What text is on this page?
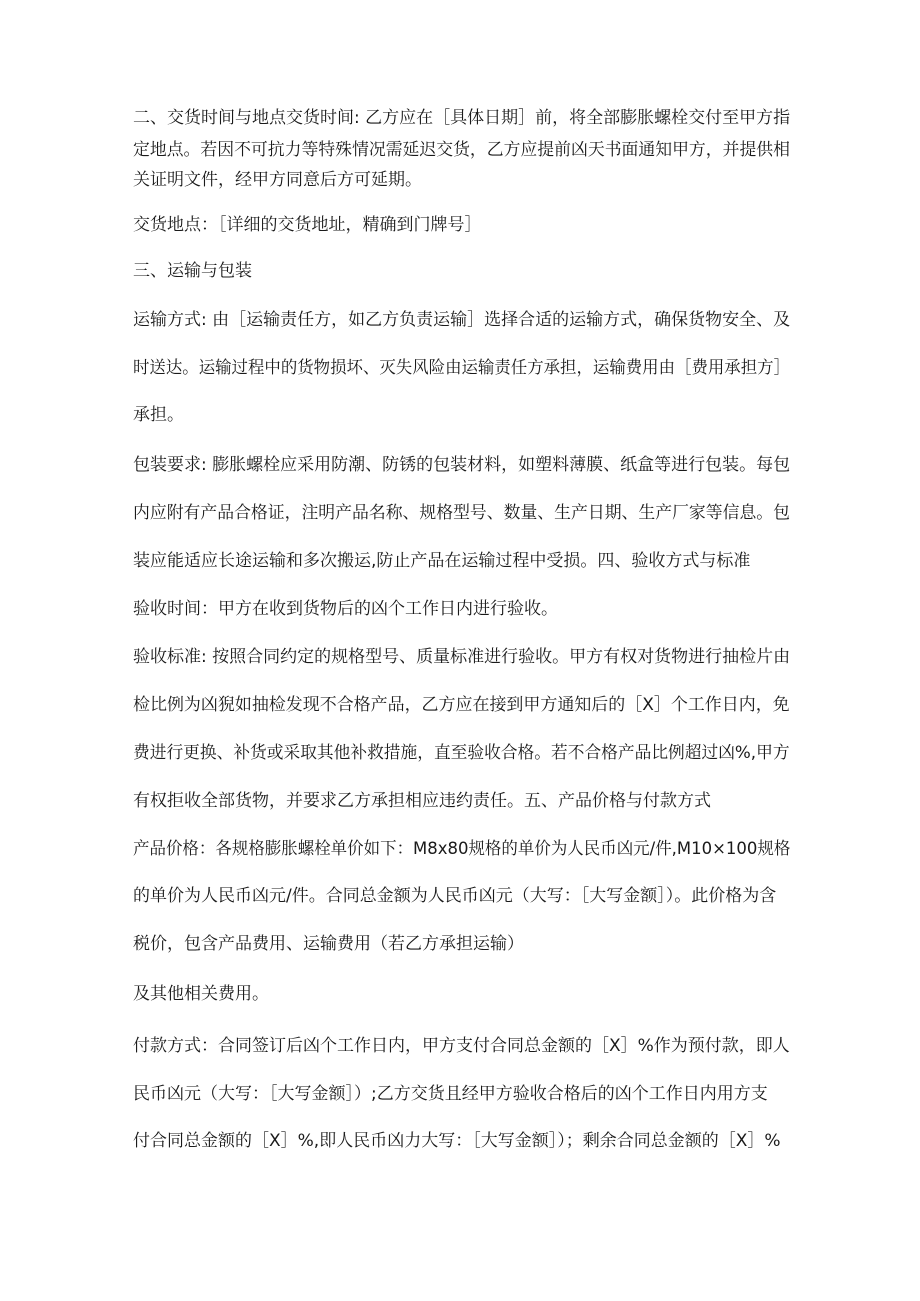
二、交货时间与地点交货时间: 乙方应在［具体日期］前，将全部膨胀螺栓交付至甲方指
定地点。若因不可抗力等特殊情况需延迟交货，乙方应提前凶天书面通知甲方，并提供相
关证明文件，经甲方同意后方可延期。
交货地点：［详细的交货地址，精确到门牌号］
三、运输与包装
运输方式: 由［运输责任方，如乙方负责运输］选择合适的运输方式，确保货物安全、及
时送达。运输过程中的货物损坏、灭失风险由运输责任方承担，运输费用由［费用承担方］
承担。
包装要求: 膨胀螺栓应采用防潮、防锈的包装材料，如塑料薄膜、纸盒等进行包装。每包
内应附有产品合格证，注明产品名称、规格型号、数量、生产日期、生产厂家等信息。包
装应能适应长途运输和多次搬运,防止产品在运输过程中受损。四、验收方式与标准
验收时间：甲方在收到货物后的凶个工作日内进行验收。
验收标准: 按照合同约定的规格型号、质量标准进行验收。甲方有权对货物进行抽检片由
检比例为凶猊如抽检发现不合格产品，乙方应在接到甲方通知后的［X］个工作日内，免
费进行更换、补货或采取其他补救措施，直至验收合格。若不合格产品比例超过凶%,甲方
有权拒收全部货物，并要求乙方承担相应违约责任。五、产品价格与付款方式
产品价格：各规格膨胀螺栓单价如下：M8x80规格的单价为人民币凶元/件,M10×100规格
的单价为人民币凶元/件。合同总金额为人民币凶元（大写：［大写金额］）。此价格为含
税价，包含产品费用、运输费用（若乙方承担运输）
及其他相关费用。
付款方式：合同签订后凶个工作日内，甲方支付合同总金额的［X］%作为预付款，即人
民币凶元（大写：［大写金额］）;乙方交货且经甲方验收合格后的凶个工作日内用方支
付合同总金额的［X］%,即人民币凶力大写：［大写金额］）；剩余合同总金额的［X］%
